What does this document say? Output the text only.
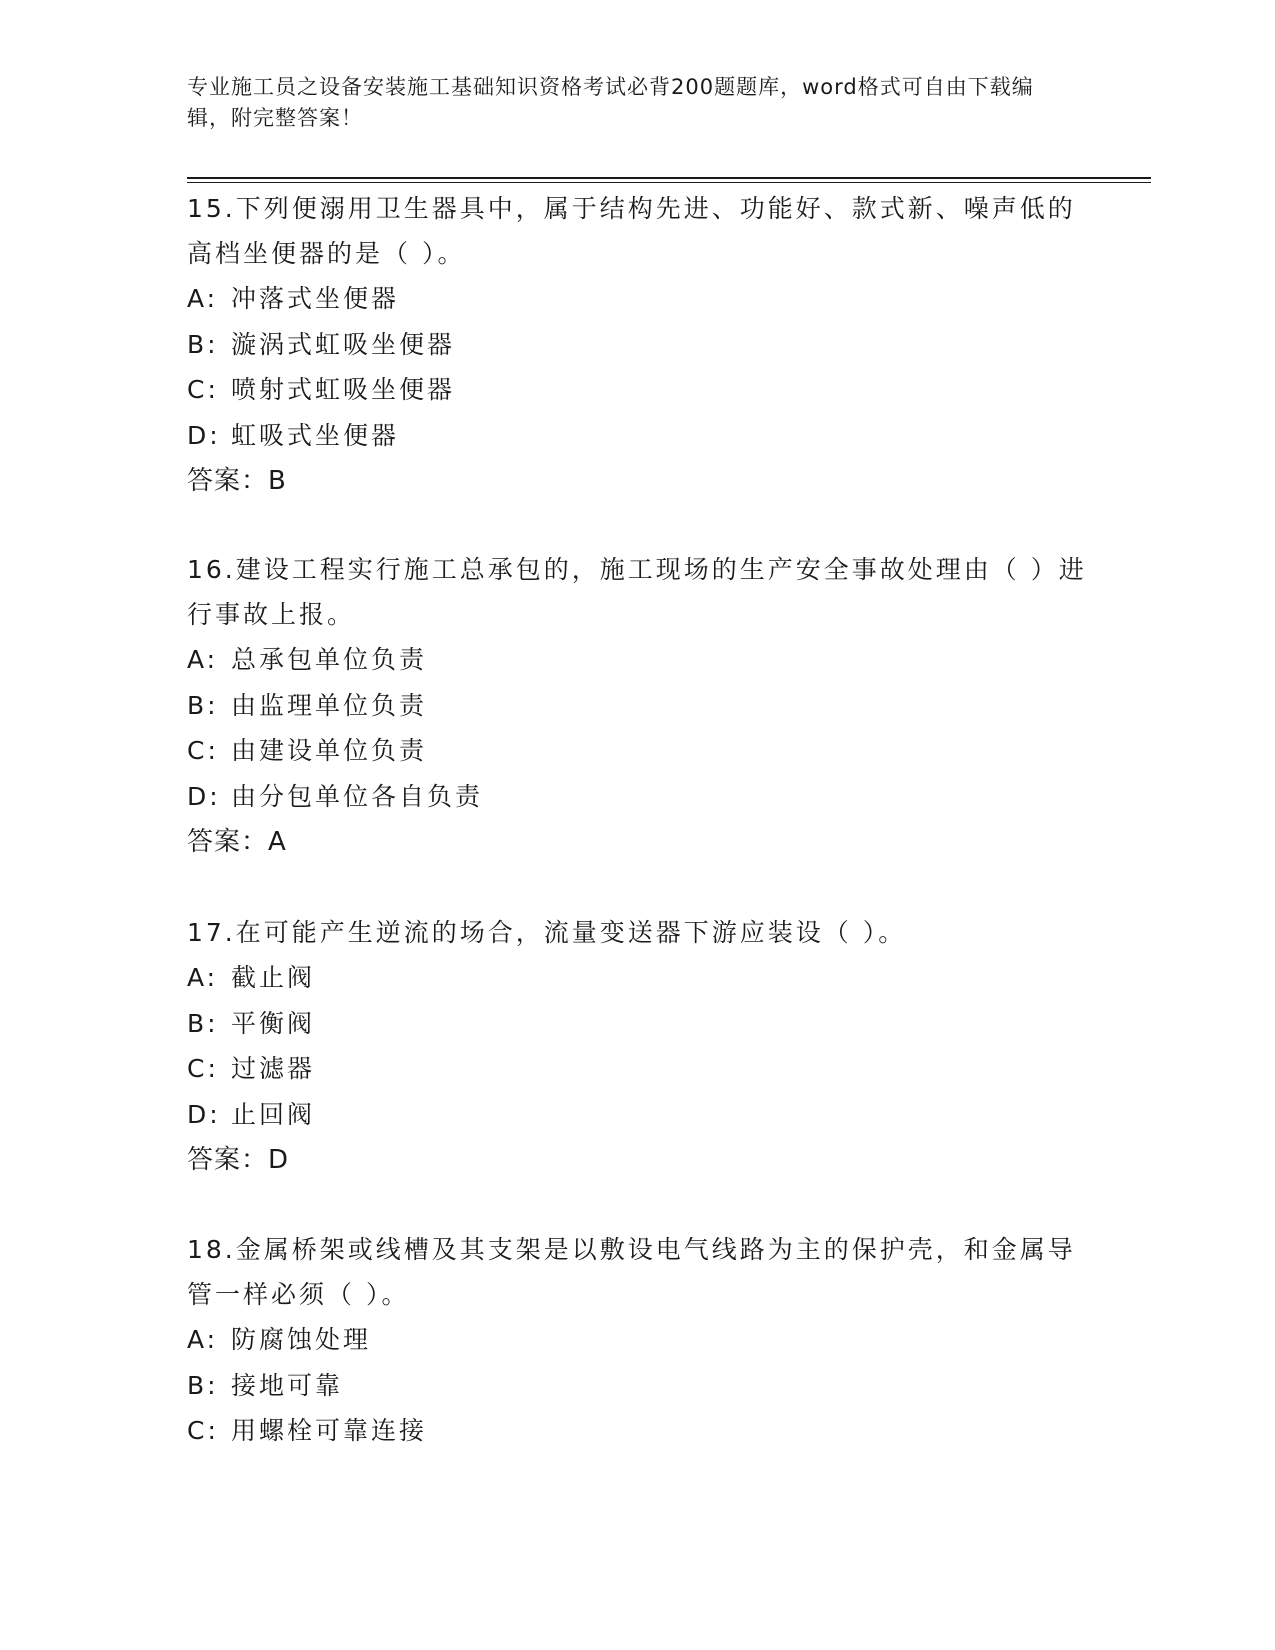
专业施工员之设备安装施工基础知识资格考试必背200题题库，word格式可自由下载编辑，附完整答案！

15.下列便溺用卫生器具中，属于结构先进、功能好、款式新、噪声低的高档坐便器的是（ ）。

A: 冲落式坐便器
B: 漩涡式虹吸坐便器
C: 喷射式虹吸坐便器
D: 虹吸式坐便器

答案：B

16.建设工程实行施工总承包的，施工现场的生产安全事故处理由（ ）进行事故上报。

A: 总承包单位负责
B: 由监理单位负责
C: 由建设单位负责
D: 由分包单位各自负责

答案：A

17.在可能产生逆流的场合，流量变送器下游应装设（ ）。

A: 截止阀
B: 平衡阀
C: 过滤器
D: 止回阀

答案：D

18.金属桥架或线槽及其支架是以敷设电气线路为主的保护壳，和金属导管一样必须（ ）。

A: 防腐蚀处理
B: 接地可靠
C: 用螺栓可靠连接
